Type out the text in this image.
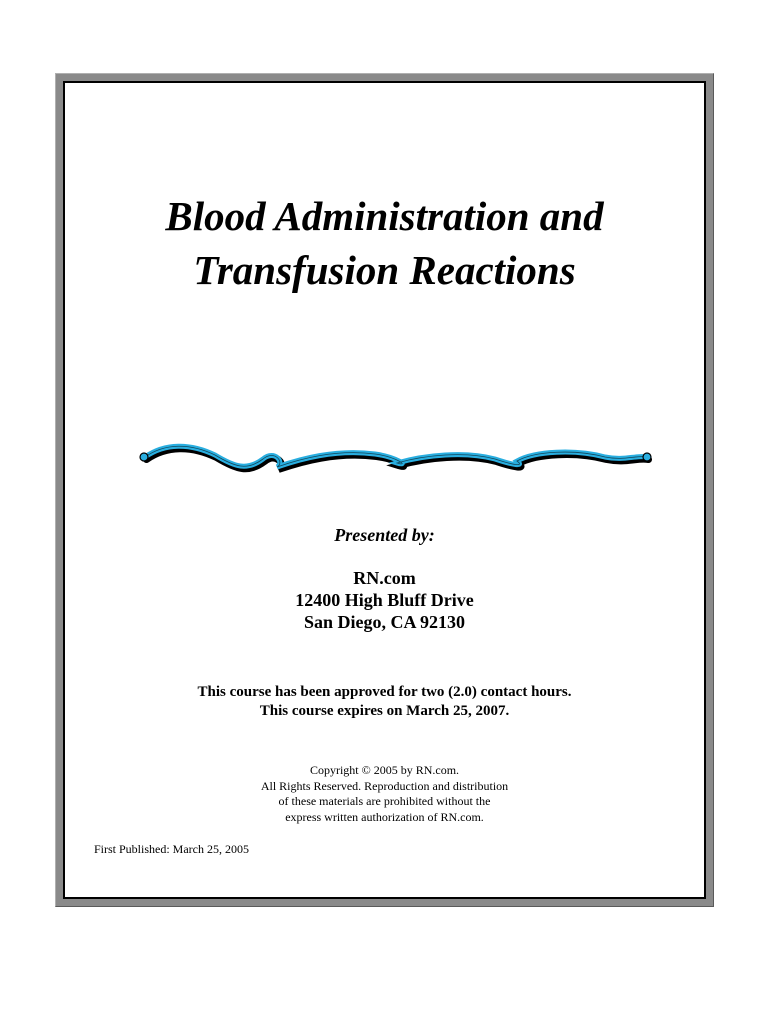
Blood Administration and
Transfusion Reactions
Presented by:
RN.com
12400 High Bluff Drive
San Diego, CA 92130
This course has been approved for two (2.0) contact hours.
This course expires on March 25, 2007.
Copyright © 2005 by RN.com.
All Rights Reserved. Reproduction and distribution
of these materials are prohibited without the
express written authorization of RN.com.
First Published: March 25, 2005
